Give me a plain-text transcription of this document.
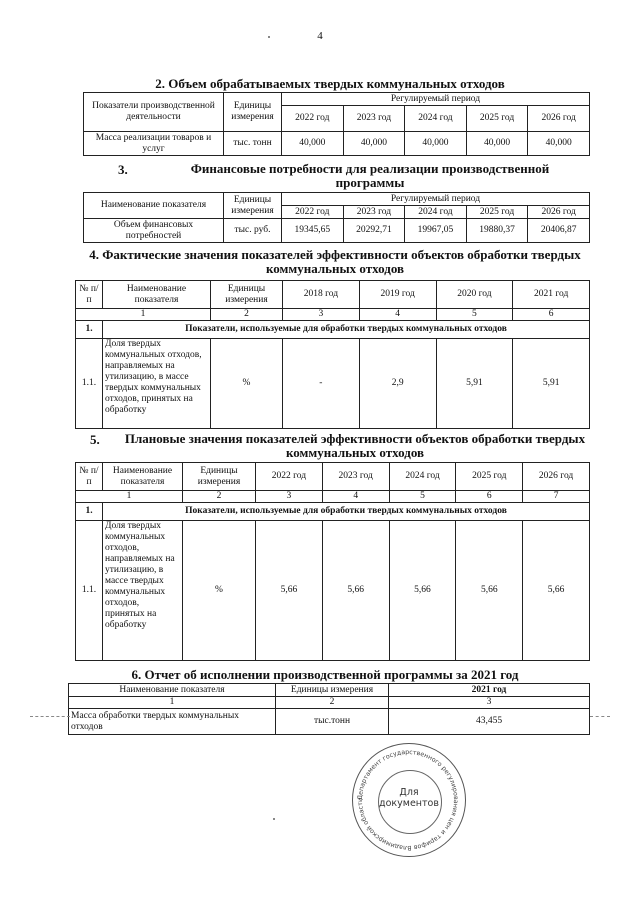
4
2. Объем обрабатываемых твердых коммунальных отходов
Показатели производственной деятельности	Единицы измерения	Регулируемый период				
		2022 год	2023 год	2024 год	2025 год	2026 год
Масса реализации товаров и услуг	тыс. тонн	40,000	40,000	40,000	40,000	40,000
3.	Финансовые потребности для реализации производственной программы
Наименование показателя	Единицы измерения	Регулируемый период				
		2022 год	2023 год	2024 год	2025 год	2026 год
Объем финансовых потребностей	тыс. руб.	19345,65	20292,71	19967,05	19880,37	20406,87
4. Фактические значения показателей эффективности объектов обработки твердых коммунальных отходов
№ п/п	Наименование показателя	Единицы измерения	2018 год	2019 год	2020 год	2021 год
1		2	3	4	5	6
1.	Показатели, используемые для обработки твердых коммунальных отходов					
1.1.	Доля твердых коммунальных отходов, направляемых на утилизацию, в массе твердых коммунальных отходов, принятых на обработку	%	-	2,9	5,91	5,91
5.	Плановые значения показателей эффективности объектов обработки твердых коммунальных отходов
№ п/п	Наименование показателя	Единицы измерения	2022 год	2023 год	2024 год	2025 год	2026 год
1		2	3	4	5	6	7
1.	Показатели, используемые для обработки твердых коммунальных отходов						
1.1.	Доля твердых коммунальных отходов, направляемых на утилизацию, в массе твердых коммунальных отходов, принятых на обработку	%	5,66	5,66	5,66	5,66	5,66
6. Отчет об исполнении производственной программы за 2021 год
Наименование показателя	Единицы измерения	2021 год
1	2	3
Масса обработки твердых коммунальных отходов	тыс.тонн	43,455
Департамент государственного регулирования цен и тарифов Владимирской области
Для документов
